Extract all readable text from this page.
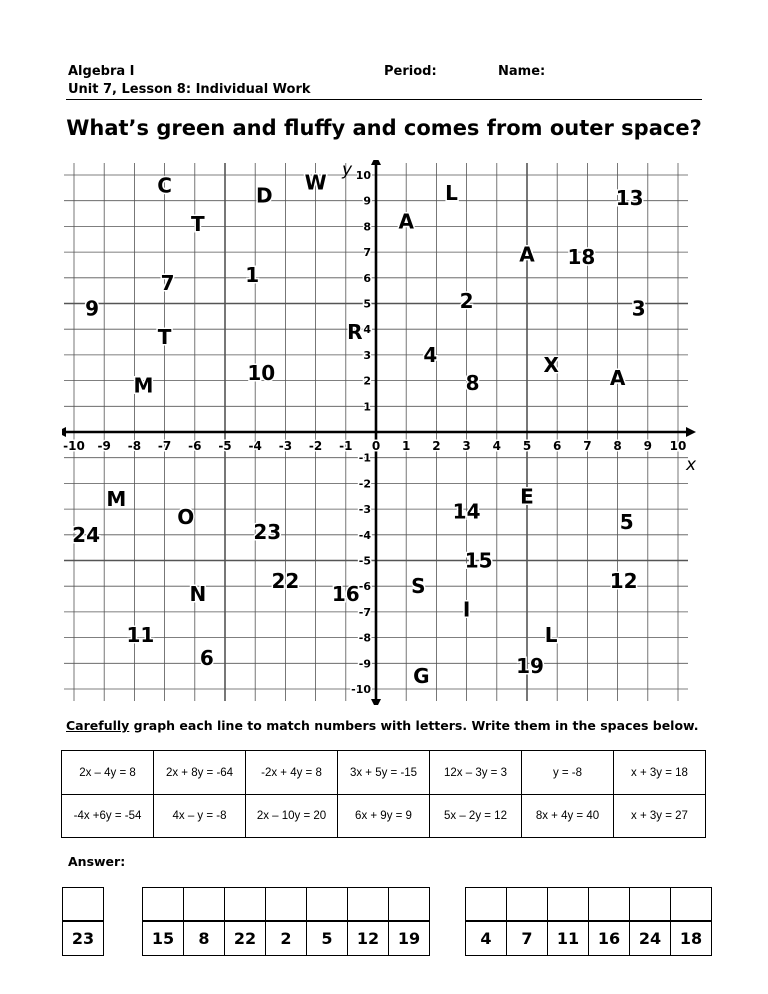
Algebra I
Unit 7, Lesson 8: Individual Work
Period:	Name:
What’s green and fluffy and comes from outer space?
-10 -9 -8 -7 -6 -5 -4 -3 -2 -1 0 1 2 3 4 5 6 7 8 9 10
10
9
8
7
6
5
4
3
2
1
-1
-2
-3
-4
-5
-6
-7
-8
-9
-10
x
y
C	D
W	L	13
T	A
A 18
1
7
9	2	3
T	R
4	X
10	8	A
M
M	E
O	14	5
24	23
15
22	12
N	16	S
I
11	L
6	19
G
Carefully graph each line to match numbers with letters. Write them in the spaces below.
2x – 4y = 8	2x + 8y = -64	-2x + 4y = 8	3x + 5y = -15	12x – 3y = 3	y = -8	x + 3y = 18
-4x +6y = -54	4x – y = -8	2x – 10y = 20	6x + 9y = 9	5x – 2y = 12	8x + 4y = 40	x + 3y = 27
Answer:
23	15	8	22	2	5	12	19	4	7	11	16	24	18
